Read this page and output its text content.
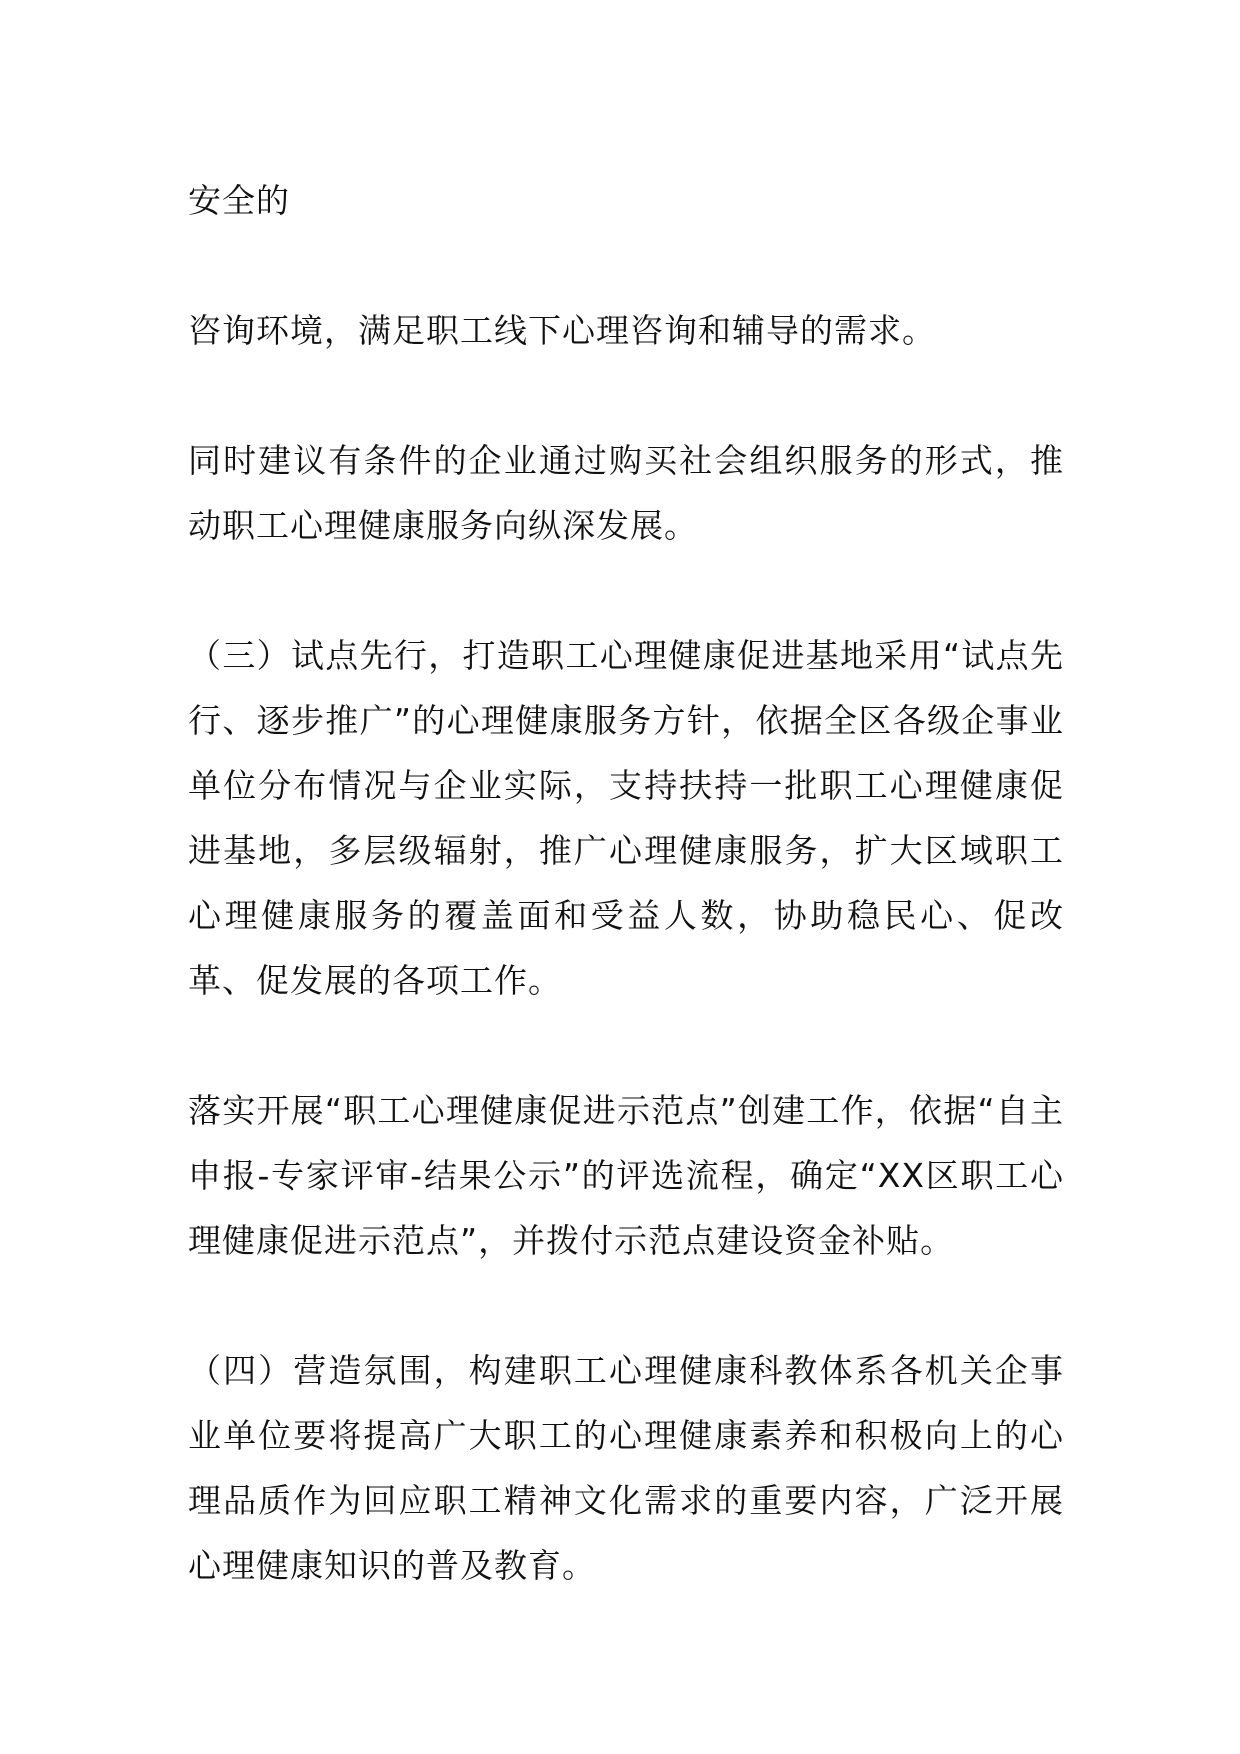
安全的

咨询环境，满足职工线下心理咨询和辅导的需求。

同时建议有条件的企业通过购买社会组织服务的形式，推动职工心理健康服务向纵深发展。

（三）试点先行，打造职工心理健康促进基地采用“试点先行、逐步推广”的心理健康服务方针，依据全区各级企事业单位分布情况与企业实际，支持扶持一批职工心理健康促进基地，多层级辐射，推广心理健康服务，扩大区域职工心理健康服务的覆盖面和受益人数，协助稳民心、促改革、促发展的各项工作。

落实开展“职工心理健康促进示范点”创建工作，依据“自主申报-专家评审-结果公示”的评选流程，确定“XX区职工心理健康促进示范点”，并拨付示范点建设资金补贴。

（四）营造氛围，构建职工心理健康科教体系各机关企事业单位要将提高广大职工的心理健康素养和积极向上的心理品质作为回应职工精神文化需求的重要内容，广泛开展心理健康知识的普及教育。
